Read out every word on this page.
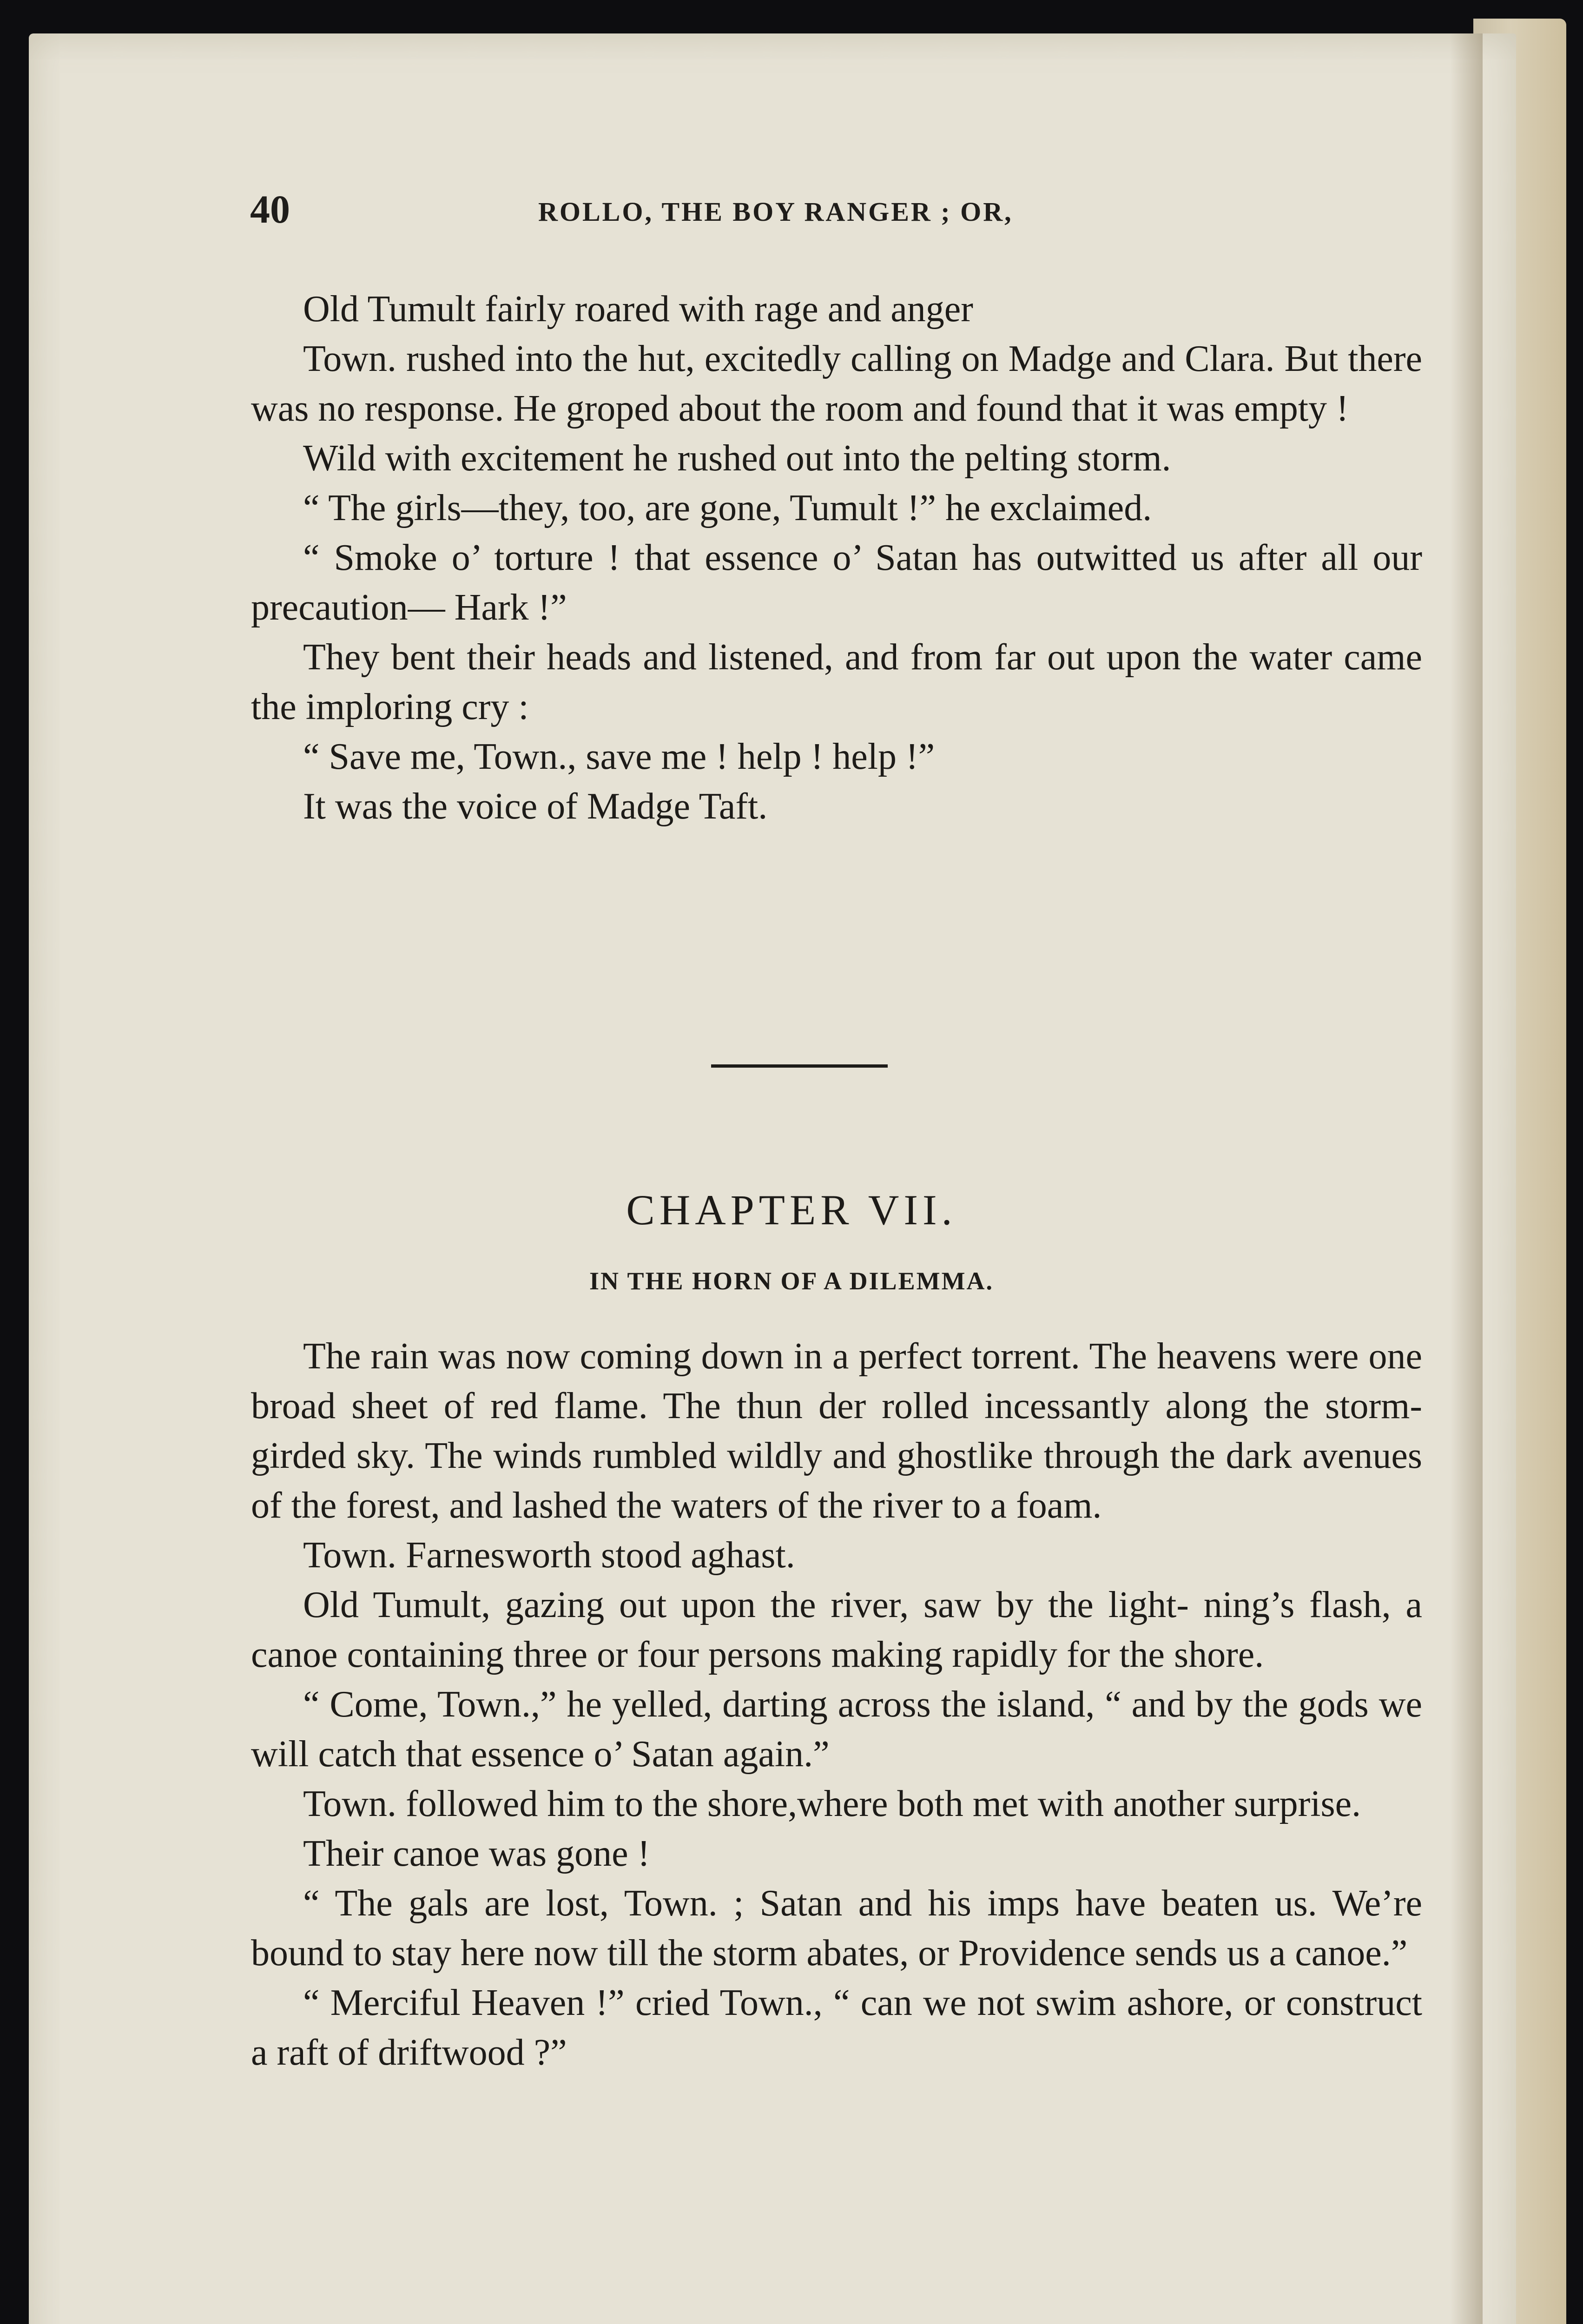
40	ROLLO, THE BOY RANGER ; OR,

Old Tumult fairly roared with rage and anger

Town. rushed into the hut, excitedly calling on Madge and Clara. But there was no response. He groped about the room and found that it was empty !

Wild with excitement he rushed out into the pelting storm.

“ The girls—they, too, are gone, Tumult !” he exclaimed.

“ Smoke o’ torture ! that essence o’ Satan has outwitted us after all our precaution— Hark !”

They bent their heads and listened, and from far out upon the water came the imploring cry :

“ Save me, Town., save me ! help ! help !”

It was the voice of Madge Taft.

CHAPTER VII.
IN THE HORN OF A DILEMMA.

The rain was now coming down in a perfect torrent. The heavens were one broad sheet of red flame. The thun der rolled incessantly along the storm-girded sky. The winds rumbled wildly and ghostlike through the dark avenues of the forest, and lashed the waters of the river to a foam.

Town. Farnesworth stood aghast.

Old Tumult, gazing out upon the river, saw by the light- ning’s flash, a canoe containing three or four persons making rapidly for the shore.

“ Come, Town.,” he yelled, darting across the island, “ and by the gods we will catch that essence o’ Satan again.”

Town. followed him to the shore,where both met with another surprise.

Their canoe was gone !

“ The gals are lost, Town. ; Satan and his imps have beaten us. We’re bound to stay here now till the storm abates, or Providence sends us a canoe.”

“ Merciful Heaven !” cried Town., “ can we not swim ashore, or construct a raft of driftwood ?”
